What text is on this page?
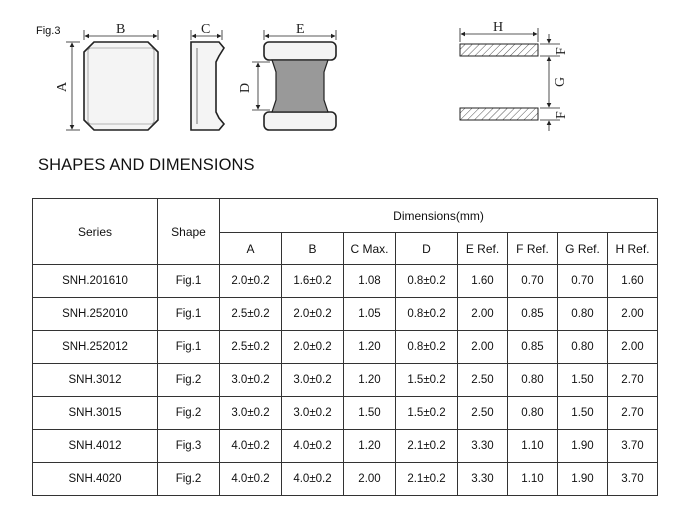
Fig.3	B
A
C	E
D
H
F
G
F
SHAPES AND DIMENSIONS
Series	Shape	Dimensions(mm)							
		A	B	C Max.	D	E Ref.	F Ref.	G Ref.	H Ref.
SNH.201610	Fig.1	2.0±0.2	1.6±0.2	1.08	0.8±0.2	1.60	0.70	0.70	1.60
SNH.252010	Fig.1	2.5±0.2	2.0±0.2	1.05	0.8±0.2	2.00	0.85	0.80	2.00
SNH.252012	Fig.1	2.5±0.2	2.0±0.2	1.20	0.8±0.2	2.00	0.85	0.80	2.00
SNH.3012	Fig.2	3.0±0.2	3.0±0.2	1.20	1.5±0.2	2.50	0.80	1.50	2.70
SNH.3015	Fig.2	3.0±0.2	3.0±0.2	1.50	1.5±0.2	2.50	0.80	1.50	2.70
SNH.4012	Fig.3	4.0±0.2	4.0±0.2	1.20	2.1±0.2	3.30	1.10	1.90	3.70
SNH.4020	Fig.2	4.0±0.2	4.0±0.2	2.00	2.1±0.2	3.30	1.10	1.90	3.70
